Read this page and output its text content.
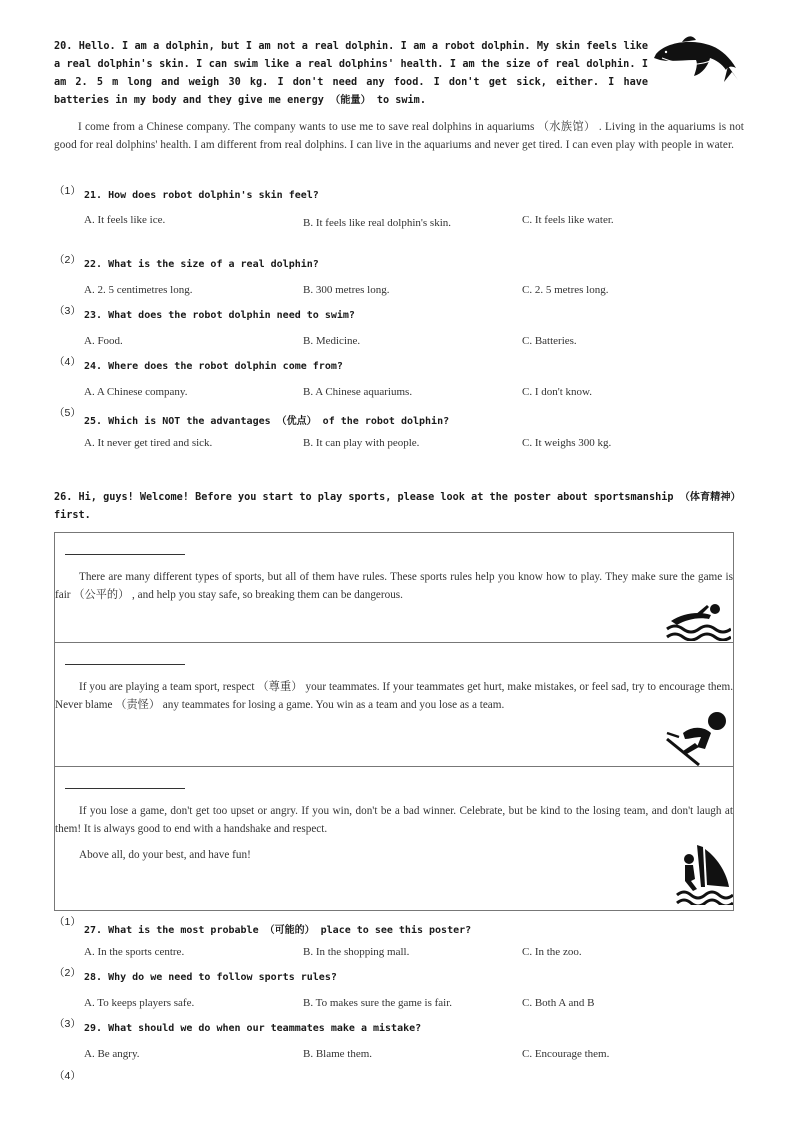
20. Hello. I am a dolphin, but I am not a real dolphin. I am a robot dolphin. My skin feels like a real dolphin's skin. I can swim like a real dolphins' health. I am the size of real dolphin. I am 2. 5 m long and weigh 30 kg. I don't need any food. I don't get sick, either. I have batteries in my body and they give me energy （能量） to swim.
I come from a Chinese company. The company wants to use me to save real dolphins in aquariums （水族馆） . Living in the aquariums is not good for real dolphins' health. I am different from real dolphins. I can live in the aquariums and never get tired. I can even play with people in water.
（1） 21. How does robot dolphin's skin feel?
A. It feels like ice.	B. It feels like real dolphin's skin.	C. It feels like water.
（2） 22. What is the size of a real dolphin?
A. 2. 5 centimetres long.	B. 300 metres long.	C. 2. 5 metres long.
（3） 23. What does the robot dolphin need to swim?
A. Food.	B. Medicine.	C. Batteries.
（4） 24. Where does the robot dolphin come from?
A. A Chinese company.	B. A Chinese aquariums.	C. I don't know.
（5）
25. Which is NOT the advantages （优点） of the robot dolphin?
A. It never get tired and sick.	B. It can play with people.	C. It weighs 300 kg.
26. Hi, guys! Welcome! Before you start to play sports, please look at the poster about sportsmanship （体育精神） first.
There are many different types of sports, but all of them have rules. These sports rules help you know how to play. They make sure the game is fair （公平的） , and help you stay safe, so breaking them can be dangerous.
If you are playing a team sport, respect （尊重） your teammates. If your teammates get hurt, make mistakes, or feel sad, try to encourage them. Never blame （责怪） any teammates for losing a game. You win as a team and you lose as a team.
If you lose a game, don't get too upset or angry. If you win, don't be a bad winner. Celebrate, but be kind to the losing team, and don't laugh at them! It is always good to end with a handshake and respect.
Above all, do your best, and have fun!
（1）
27. What is the most probable （可能的） place to see this poster?
A. In the sports centre.	B. In the shopping mall.	C. In the zoo.
（2） 28. Why do we need to follow sports rules?
A. To keeps players safe.	B. To makes sure the game is fair.	C. Both A and B
（3） 29. What should we do when our teammates make a mistake?
A. Be angry.	B. Blame them.	C. Encourage them.
（4）
